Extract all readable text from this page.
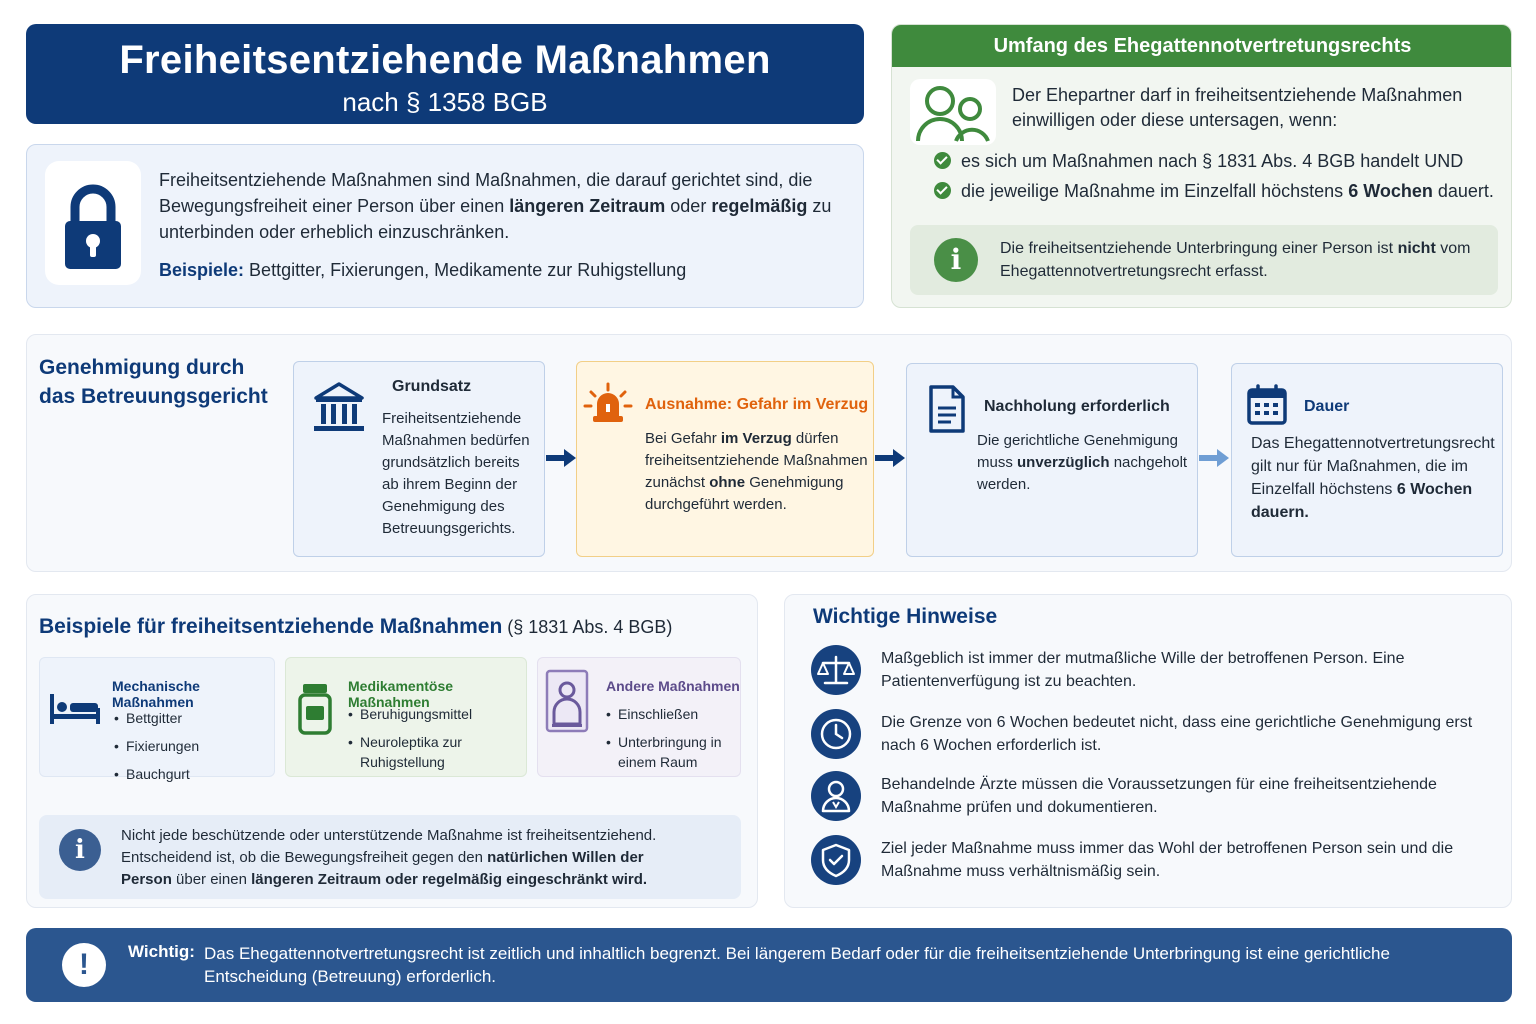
Freiheitsentziehende Maßnahmen
nach § 1358 BGB
Freiheitsentziehende Maßnahmen sind Maßnahmen, die darauf gerichtet sind, die Bewegungsfreiheit einer Person über einen längeren Zeitraum oder regelmäßig zu unterbinden oder erheblich einzuschränken.
Beispiele: Bettgitter, Fixierungen, Medikamente zur Ruhigstellung
Umfang des Ehegattennotvertretungsrechts
Der Ehepartner darf in freiheitsentziehende Maßnahmen einwilligen oder diese untersagen, wenn:
es sich um Maßnahmen nach § 1831 Abs. 4 BGB handelt UND
die jeweilige Maßnahme im Einzelfall höchstens 6 Wochen dauert.
i	Die freiheitsentziehende Unterbringung einer Person ist nicht vom Ehegattennotvertretungsrecht erfasst.
Genehmigung durch das Betreuungsgericht	Grundsatz

Freiheitsentziehende Maßnahmen bedürfen grundsätzlich bereits ab ihrem Beginn der Genehmigung des Betreuungsgerichts.

Ausnahme: Gefahr im Verzug

Bei Gefahr im Verzug dürfen freiheitsentziehende Maßnahmen zunächst ohne Genehmigung durchgeführt werden.

Nachholung erforderlich

Die gerichtliche Genehmigung muss unverzüglich nachgeholt werden.

Dauer

Das Ehegattennotvertretungsrecht gilt nur für Maßnahmen, die im Einzelfall höchstens 6 Wochen dauern.

Beispiele für freiheitsentziehende Maßnahmen (§ 1831 Abs. 4 BGB)
Mechanische Maßnahmen
• Bettgitter
• Fixierungen
• Bauchgurt
Medikamentöse Maßnahmen
• Beruhigungsmittel
• Neuroleptika zur Ruhigstellung
Andere Maßnahmen
• Einschließen
• Unterbringung in einem Raum
i	Nicht jede beschützende oder unterstützende Maßnahme ist freiheitsentziehend.
Entscheidend ist, ob die Bewegungsfreiheit gegen den natürlichen Willen der
Person über einen längeren Zeitraum oder regelmäßig eingeschränkt wird.
Wichtige Hinweise
Maßgeblich ist immer der mutmaßliche Wille der betroffenen Person. Eine Patientenverfügung ist zu beachten.
Die Grenze von 6 Wochen bedeutet nicht, dass eine gerichtliche Genehmigung erst nach 6 Wochen erforderlich ist.
Behandelnde Ärzte müssen die Voraussetzungen für eine freiheitsentziehende Maßnahme prüfen und dokumentieren.
Ziel jeder Maßnahme muss immer das Wohl der betroffenen Person sein und die Maßnahme muss verhältnismäßig sein.
!	Wichtig: Das Ehegattennotvertretungsrecht ist zeitlich und inhaltlich begrenzt. Bei längerem Bedarf oder für die freiheitsentziehende Unterbringung ist eine gerichtliche Entscheidung (Betreuung) erforderlich.
